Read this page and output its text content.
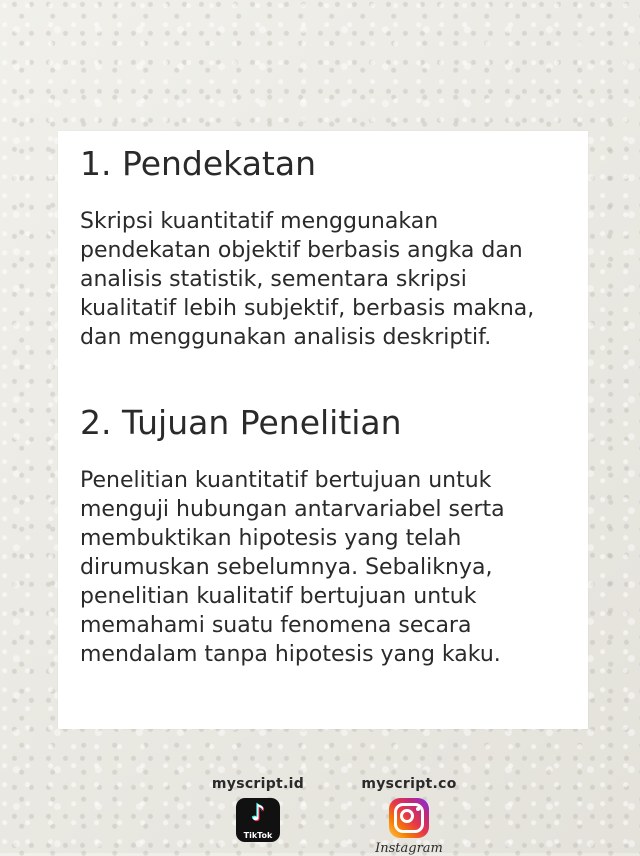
1. Pendekatan

Skripsi kuantitatif menggunakan
pendekatan objektif berbasis angka dan
analisis statistik, sementara skripsi
kualitatif lebih subjektif, berbasis makna,
dan menggunakan analisis deskriptif.

2. Tujuan Penelitian

Penelitian kuantitatif bertujuan untuk
menguji hubungan antarvariabel serta
membuktikan hipotesis yang telah
dirumuskan sebelumnya. Sebaliknya,
penelitian kualitatif bertujuan untuk
memahami suatu fenomena secara
mendalam tanpa hipotesis yang kaku.

myscript.id
♪
TikTok
myscript.co
Instagram
